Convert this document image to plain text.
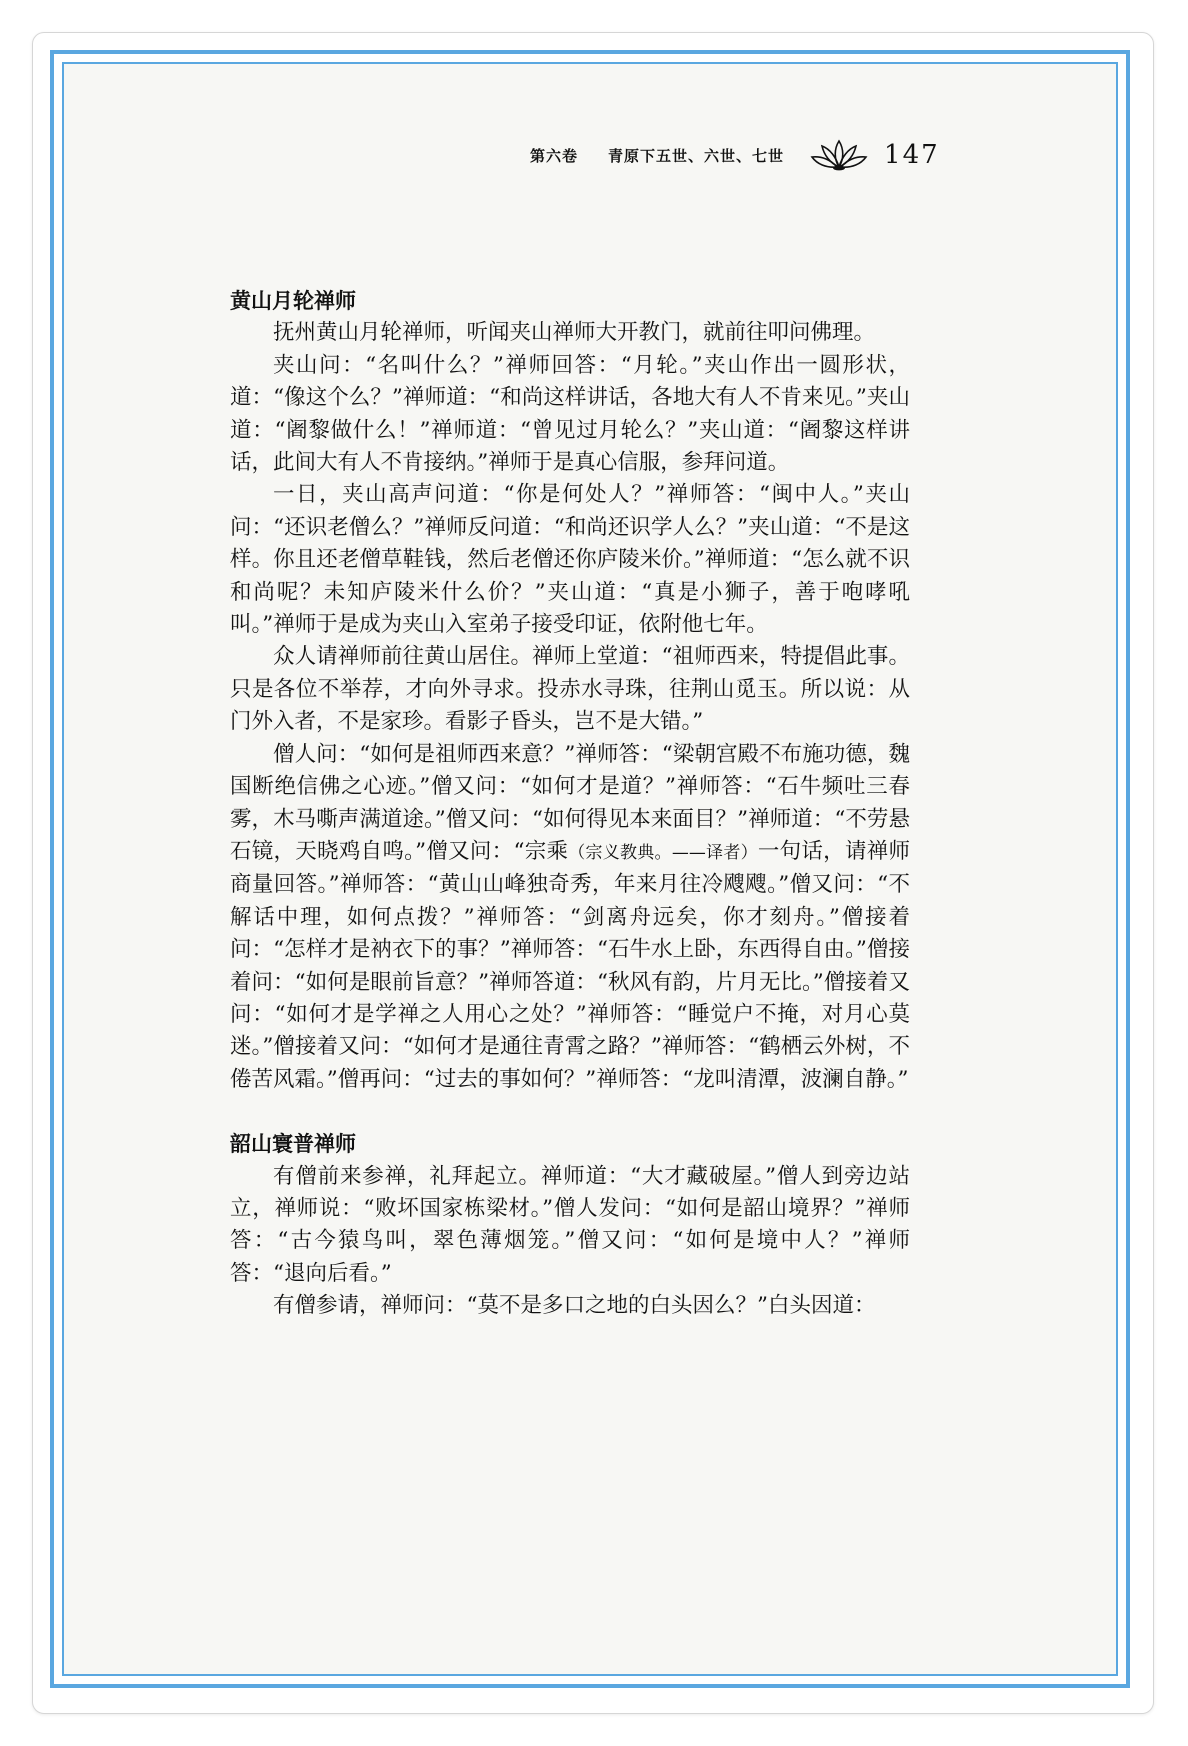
第六卷 青原下五世、六世、七世	147
黄山月轮禅师

抚州黄山月轮禅师，听闻夹山禅师大开教门，就前往叩问佛理。

夹山问：“名叫什么？”禅师回答：“月轮。”夹山作出一圆形状，道：“像这个么？”禅师道：“和尚这样讲话，各地大有人不肯来见。”夹山道：“阇黎做什么！”禅师道：“曾见过月轮么？”夹山道：“阇黎这样讲话，此间大有人不肯接纳。”禅师于是真心信服，参拜问道。

一日，夹山高声问道：“你是何处人？”禅师答：“闽中人。”夹山问：“还识老僧么？”禅师反问道：“和尚还识学人么？”夹山道：“不是这样。你且还老僧草鞋钱，然后老僧还你庐陵米价。”禅师道：“怎么就不识和尚呢？未知庐陵米什么价？”夹山道：“真是小狮子，善于咆哮吼叫。”禅师于是成为夹山入室弟子接受印证，依附他七年。

众人请禅师前往黄山居住。禅师上堂道：“祖师西来，特提倡此事。只是各位不举荐，才向外寻求。投赤水寻珠，往荆山觅玉。所以说：从门外入者，不是家珍。看影子昏头，岂不是大错。”

僧人问：“如何是祖师西来意？”禅师答：“梁朝宫殿不布施功德，魏国断绝信佛之心迹。”僧又问：“如何才是道？”禅师答：“石牛频吐三春雾，木马嘶声满道途。”僧又问：“如何得见本来面目？”禅师道：“不劳悬石镜，天晓鸡自鸣。”僧又问：“宗乘（宗义教典。——译者）一句话，请禅师商量回答。”禅师答：“黄山山峰独奇秀，年来月往冷飕飕。”僧又问：“不解话中理，如何点拨？”禅师答：“剑离舟远矣，你才刻舟。”僧接着问：“怎样才是衲衣下的事？”禅师答：“石牛水上卧，东西得自由。”僧接着问：“如何是眼前旨意？”禅师答道：“秋风有韵，片月无比。”僧接着又问：“如何才是学禅之人用心之处？”禅师答：“睡觉户不掩，对月心莫迷。”僧接着又问：“如何才是通往青霄之路？”禅师答：“鹤栖云外树，不倦苦风霜。”僧再问：“过去的事如何？”禅师答：“龙叫清潭，波澜自静。”

韶山寰普禅师

有僧前来参禅，礼拜起立。禅师道：“大才藏破屋。”僧人到旁边站立，禅师说：“败坏国家栋梁材。”僧人发问：“如何是韶山境界？”禅师答：“古今猿鸟叫，翠色薄烟笼。”僧又问：“如何是境中人？”禅师答：“退向后看。”

有僧参请，禅师问：“莫不是多口之地的白头因么？”白头因道：
